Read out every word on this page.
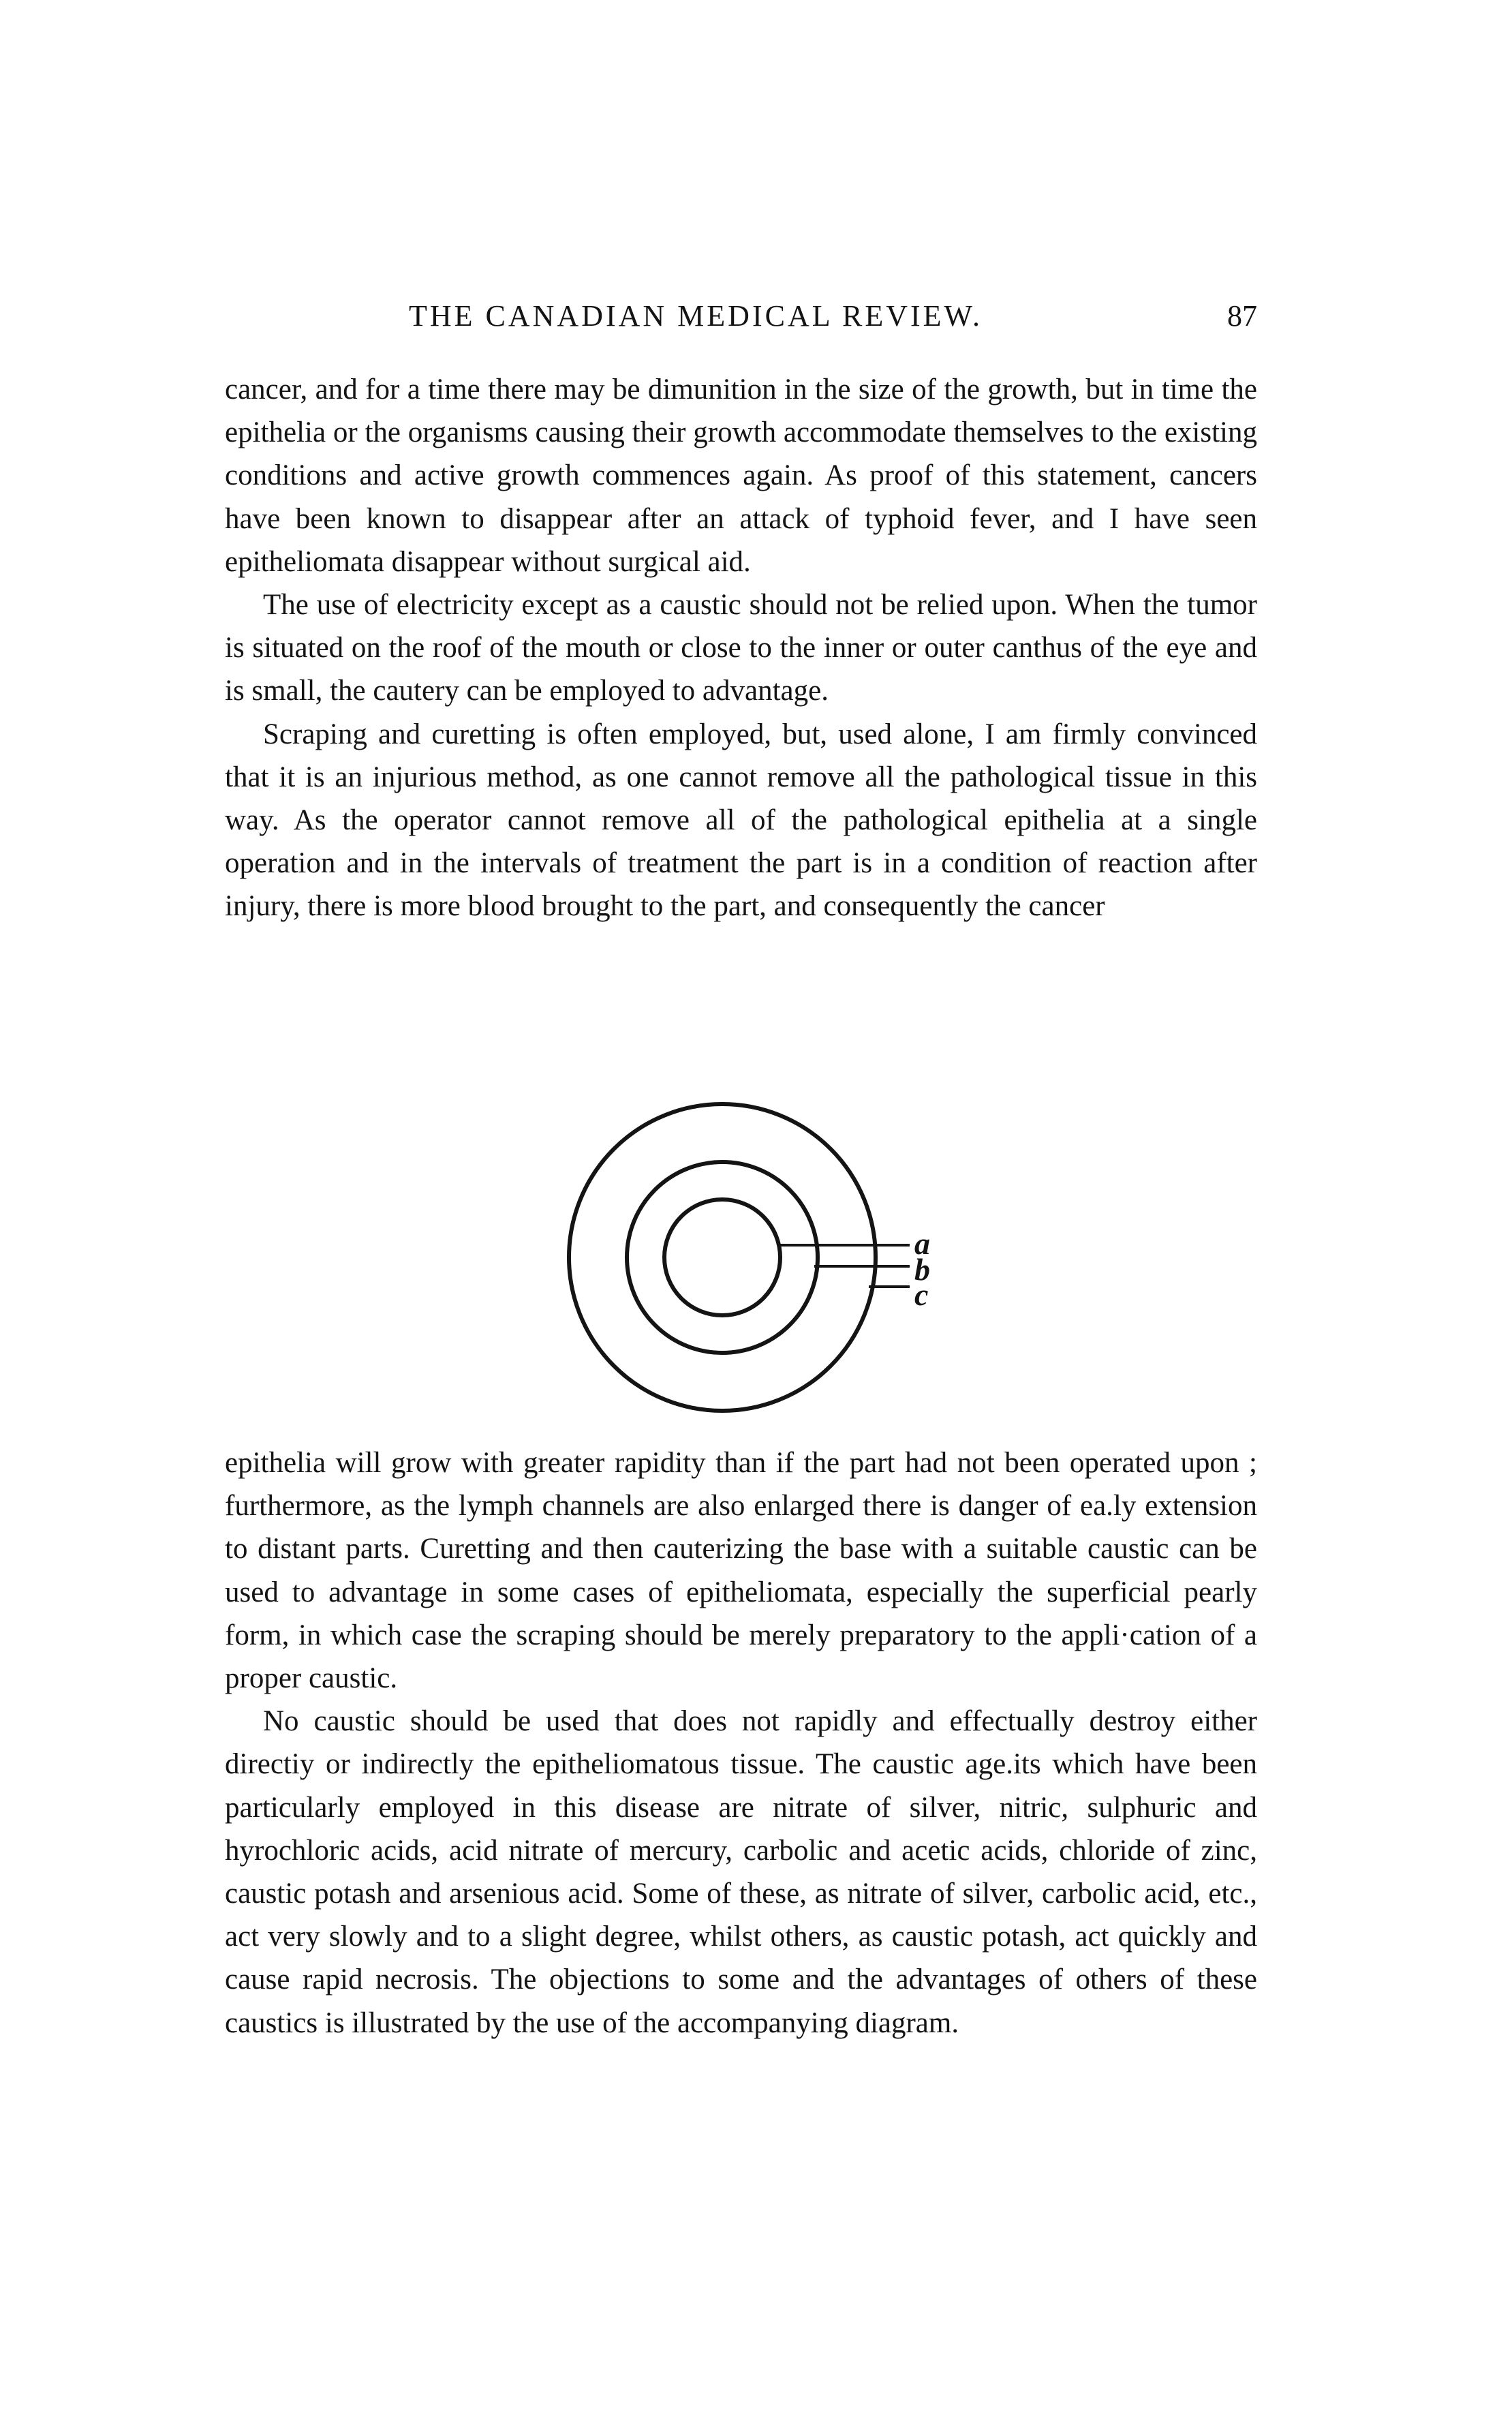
THE CANADIAN MEDICAL REVIEW.	87

cancer, and for a time there may be dimunition in the size of the growth, but in time the epithelia or the organisms causing their growth accommodate themselves to the existing conditions and active growth commences again. As proof of this statement, cancers have been known to disappear after an attack of typhoid fever, and I have seen epitheliomata disappear without surgical aid.

The use of electricity except as a caustic should not be relied upon. When the tumor is situated on the roof of the mouth or close to the inner or outer canthus of the eye and is small, the cautery can be employed to advantage.

Scraping and curetting is often employed, but, used alone, I am firmly convinced that it is an injurious method, as one cannot remove all the pathological tissue in this way. As the operator cannot remove all of the pathological epithelia at a single operation and in the intervals of treatment the part is in a condition of reaction after injury, there is more blood brought to the part, and consequently the cancer

a
b
c

epithelia will grow with greater rapidity than if the part had not been operated upon ; furthermore, as the lymph channels are also enlarged there is danger of ea.ly extension to distant parts. Curetting and then cauterizing the base with a suitable caustic can be used to advantage in some cases of epitheliomata, especially the superficial pearly form, in which case the scraping should be merely preparatory to the appli·cation of a proper caustic.

No caustic should be used that does not rapidly and effectually destroy either directiy or indirectly the epitheliomatous tissue. The caustic age.its which have been particularly employed in this disease are nitrate of silver, nitric, sulphuric and hyrochloric acids, acid nitrate of mercury, carbolic and acetic acids, chloride of zinc, caustic potash and arsenious acid. Some of these, as nitrate of silver, carbolic acid, etc., act very slowly and to a slight degree, whilst others, as caustic potash, act quickly and cause rapid necrosis. The objections to some and the advantages of others of these caustics is illustrated by the use of the accompanying diagram.
